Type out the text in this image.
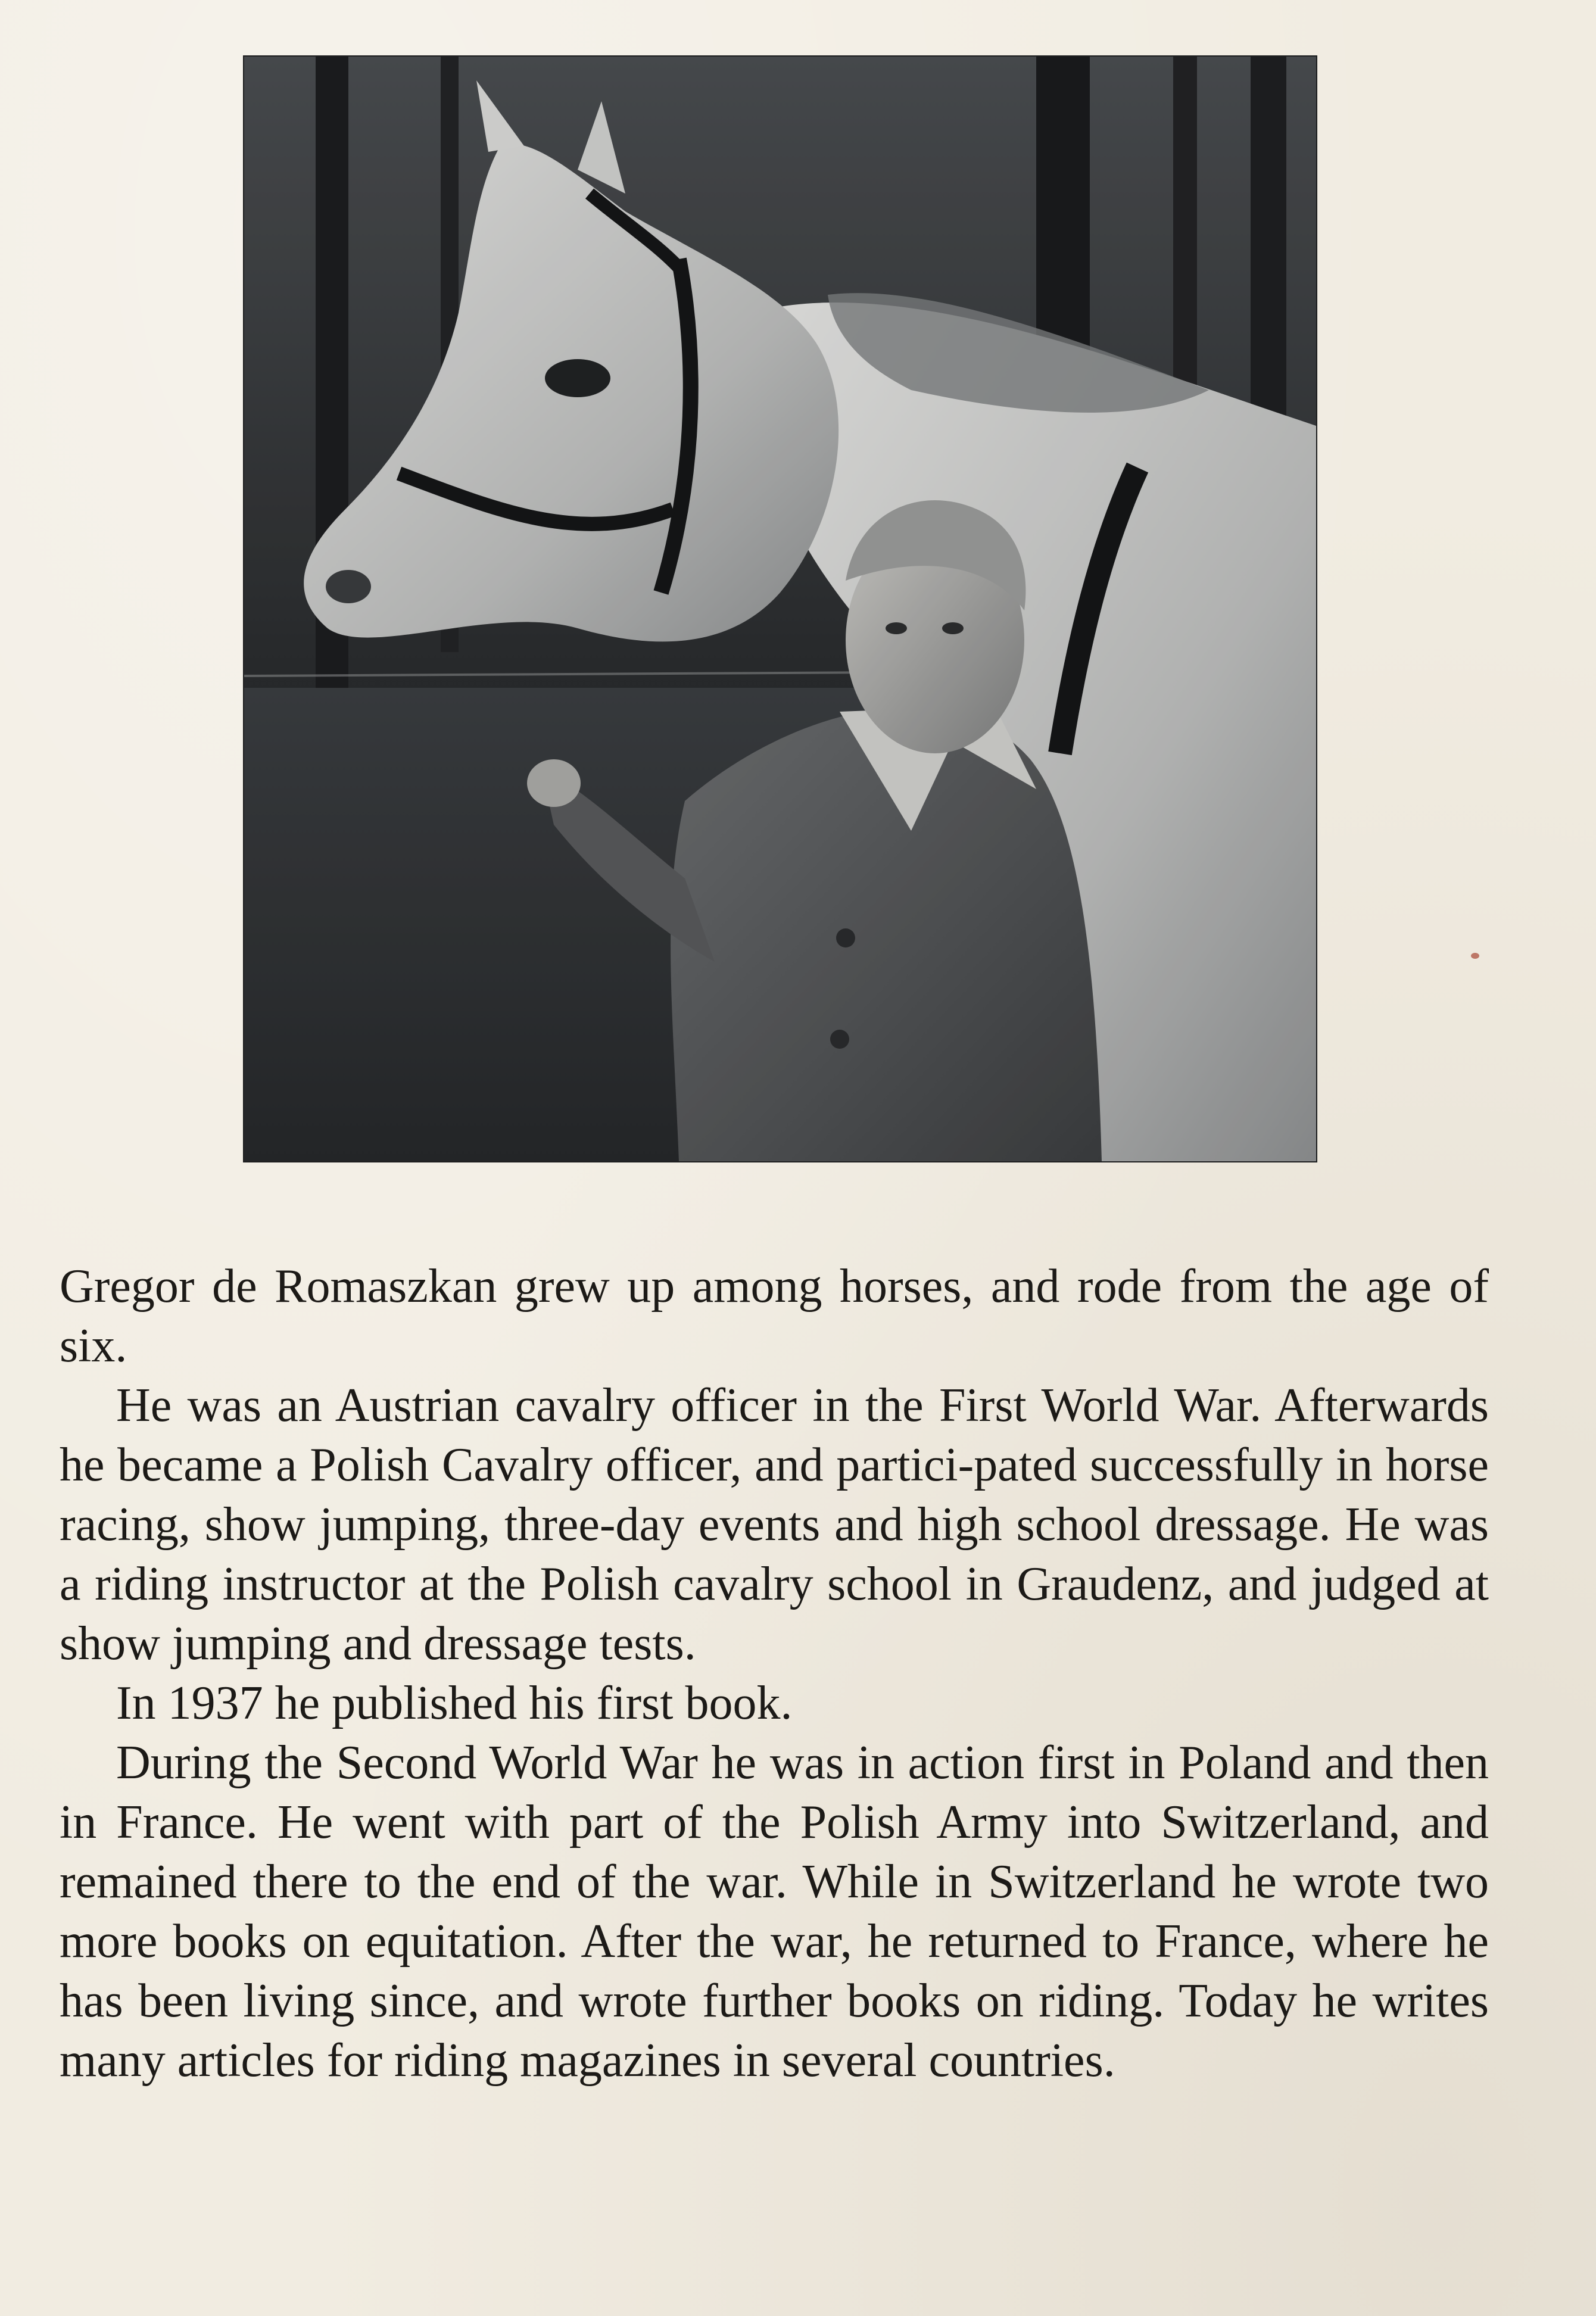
Gregor de Romaszkan grew up among horses, and rode from the age of six.

He was an Austrian cavalry officer in the First World War. Afterwards he became a Polish Cavalry officer, and partici-pated successfully in horse racing, show jumping, three-day events and high school dressage. He was a riding instructor at the Polish cavalry school in Graudenz, and judged at show jumping and dressage tests.

In 1937 he published his first book.

During the Second World War he was in action first in Poland and then in France. He went with part of the Polish Army into Switzerland, and remained there to the end of the war. While in Switzerland he wrote two more books on equitation. After the war, he returned to France, where he has been living since, and wrote further books on riding. Today he writes many articles for riding magazines in several countries.
